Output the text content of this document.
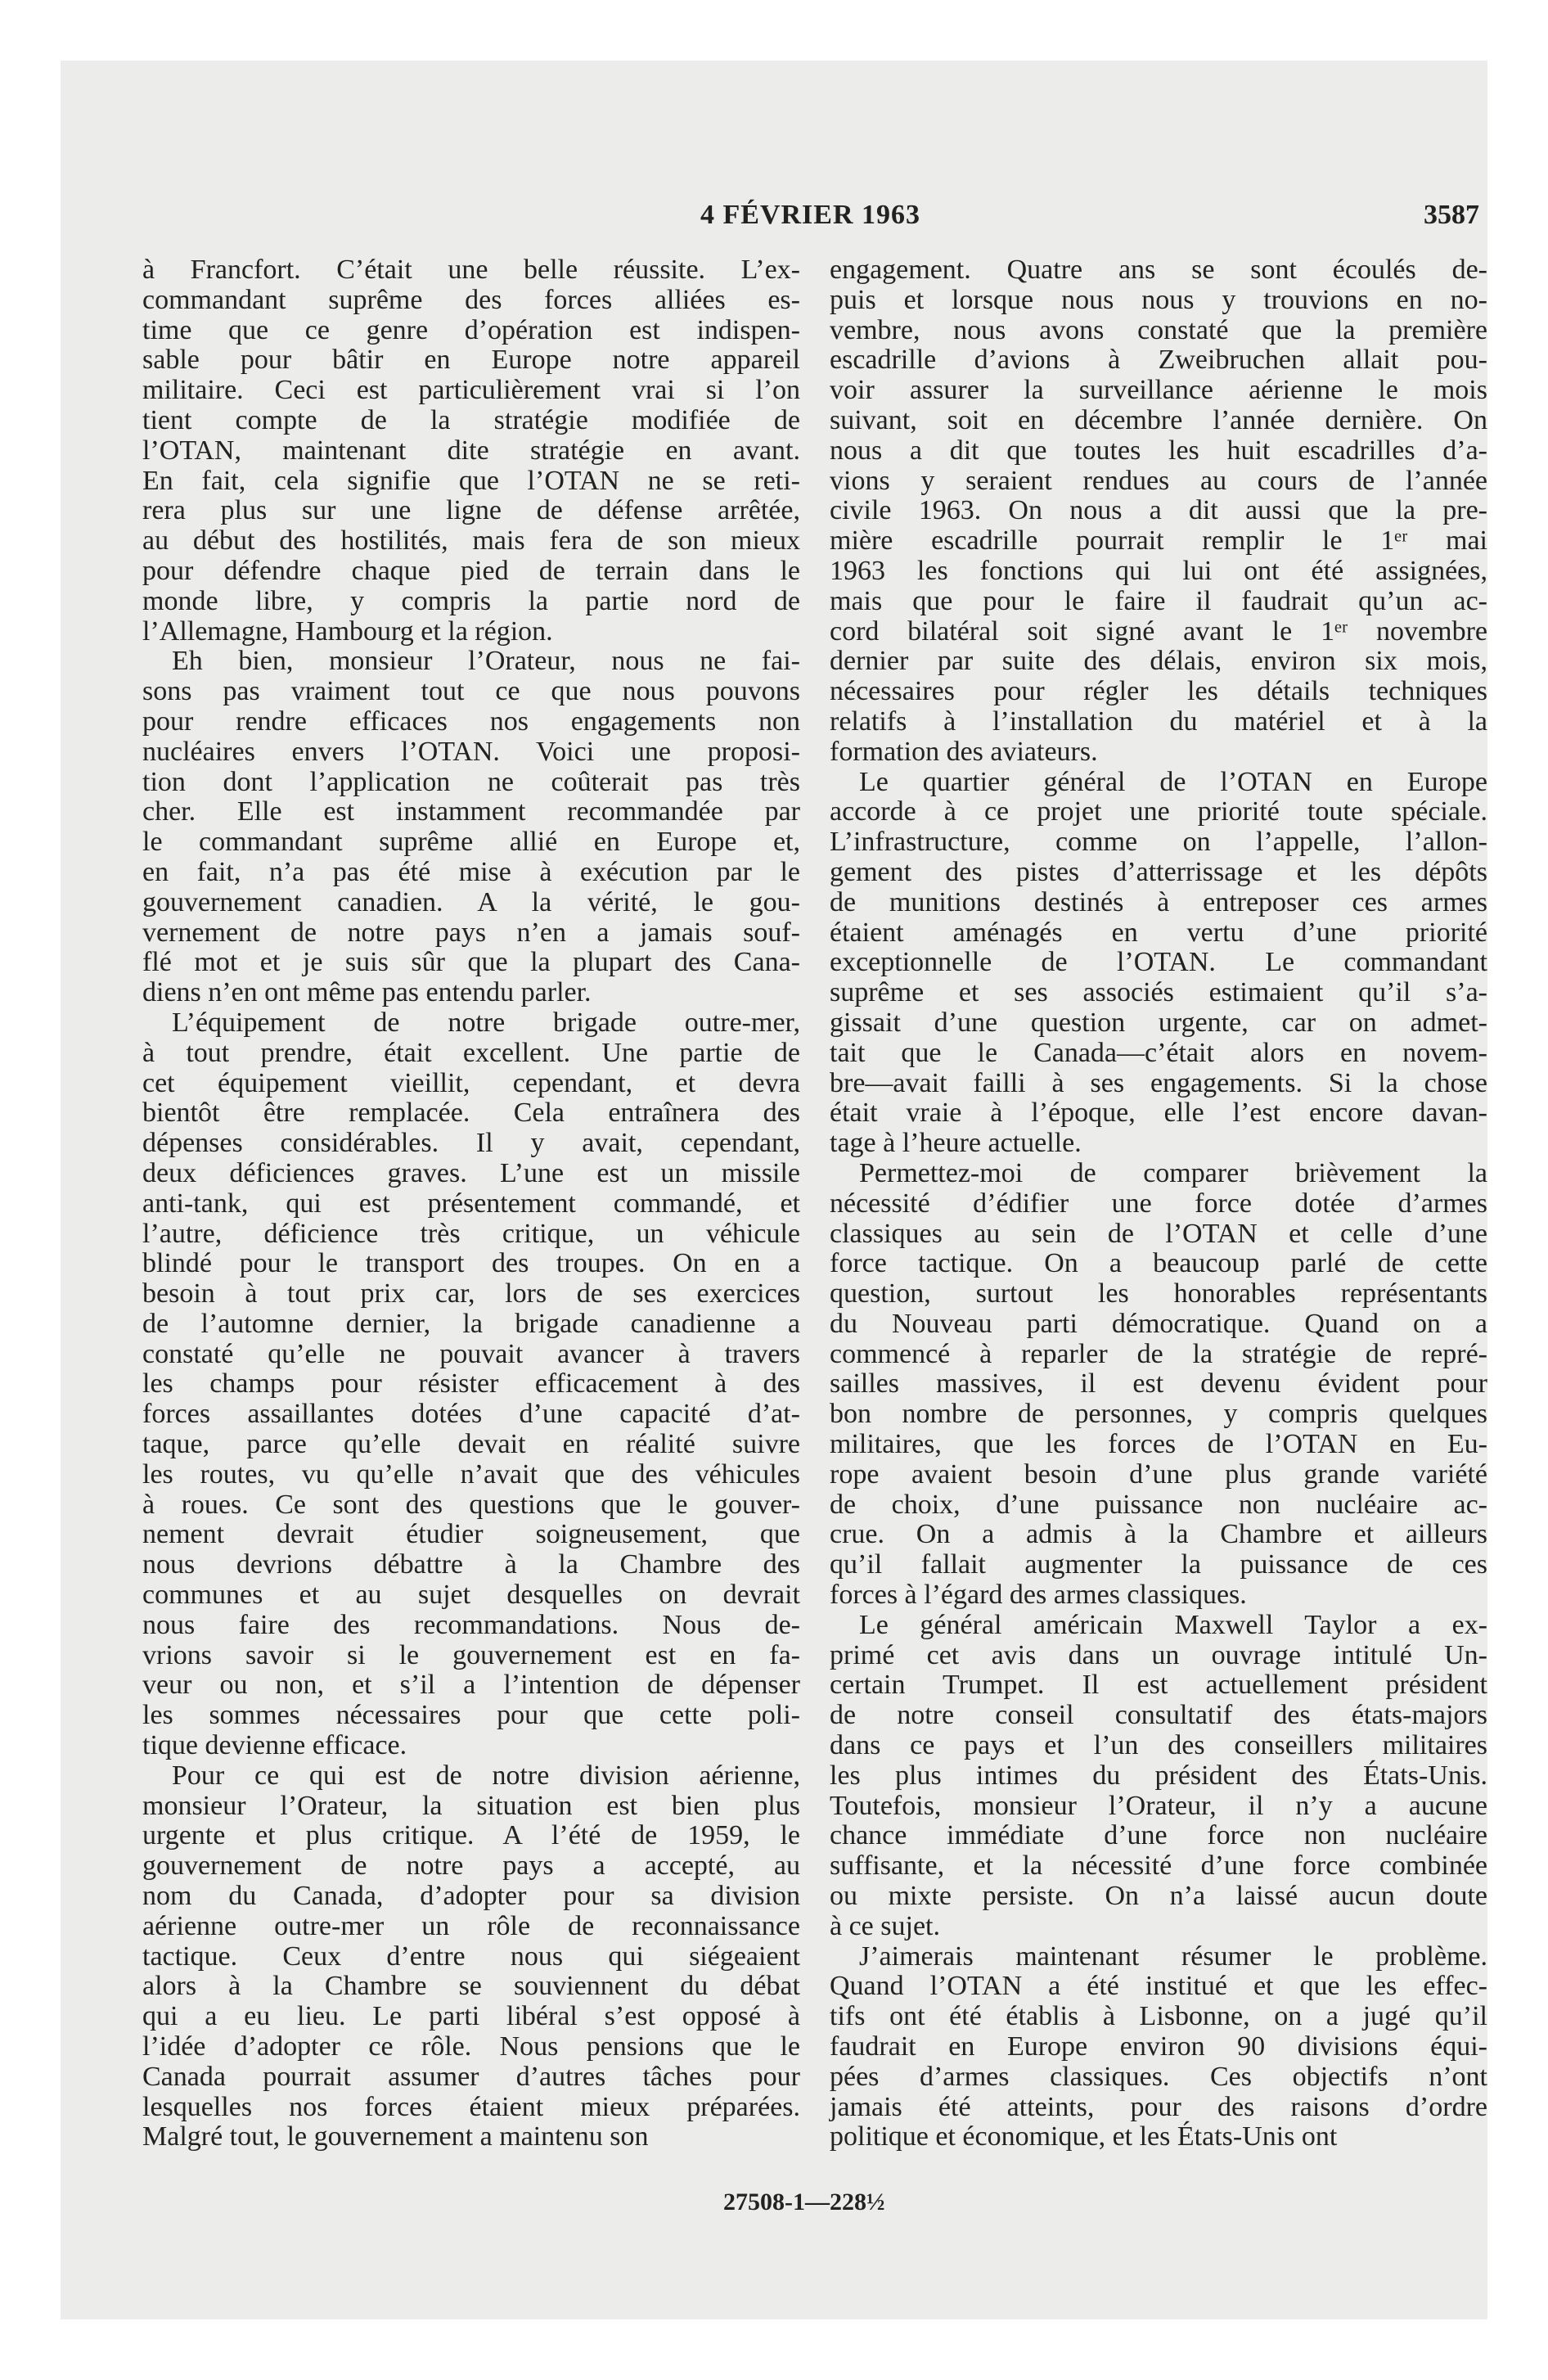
4 FÉVRIER 1963	3587

à Francfort. C’était une belle réussite. L’ex-
commandant suprême des forces alliées es-
time que ce genre d’opération est indispen-
sable pour bâtir en Europe notre appareil
militaire. Ceci est particulièrement vrai si l’on
tient compte de la stratégie modifiée de
l’OTAN, maintenant dite stratégie en avant.
En fait, cela signifie que l’OTAN ne se reti-
rera plus sur une ligne de défense arrêtée,
au début des hostilités, mais fera de son mieux
pour défendre chaque pied de terrain dans le
monde libre, y compris la partie nord de
l’Allemagne, Hambourg et la région.

Eh bien, monsieur l’Orateur, nous ne fai-
sons pas vraiment tout ce que nous pouvons
pour rendre efficaces nos engagements non
nucléaires envers l’OTAN. Voici une proposi-
tion dont l’application ne coûterait pas très
cher. Elle est instamment recommandée par
le commandant suprême allié en Europe et,
en fait, n’a pas été mise à exécution par le
gouvernement canadien. A la vérité, le gou-
vernement de notre pays n’en a jamais souf-
flé mot et je suis sûr que la plupart des Cana-
diens n’en ont même pas entendu parler.

L’équipement de notre brigade outre-mer,
à tout prendre, était excellent. Une partie de
cet équipement vieillit, cependant, et devra
bientôt être remplacée. Cela entraînera des
dépenses considérables. Il y avait, cependant,
deux déficiences graves. L’une est un missile
anti-tank, qui est présentement commandé, et
l’autre, déficience très critique, un véhicule
blindé pour le transport des troupes. On en a
besoin à tout prix car, lors de ses exercices
de l’automne dernier, la brigade canadienne a
constaté qu’elle ne pouvait avancer à travers
les champs pour résister efficacement à des
forces assaillantes dotées d’une capacité d’at-
taque, parce qu’elle devait en réalité suivre
les routes, vu qu’elle n’avait que des véhicules
à roues. Ce sont des questions que le gouver-
nement devrait étudier soigneusement, que
nous devrions débattre à la Chambre des
communes et au sujet desquelles on devrait
nous faire des recommandations. Nous de-
vrions savoir si le gouvernement est en fa-
veur ou non, et s’il a l’intention de dépenser
les sommes nécessaires pour que cette poli-
tique devienne efficace.

Pour ce qui est de notre division aérienne,
monsieur l’Orateur, la situation est bien plus
urgente et plus critique. A l’été de 1959, le
gouvernement de notre pays a accepté, au
nom du Canada, d’adopter pour sa division
aérienne outre-mer un rôle de reconnaissance
tactique. Ceux d’entre nous qui siégeaient
alors à la Chambre se souviennent du débat
qui a eu lieu. Le parti libéral s’est opposé à
l’idée d’adopter ce rôle. Nous pensions que le
Canada pourrait assumer d’autres tâches pour
lesquelles nos forces étaient mieux préparées.
Malgré tout, le gouvernement a maintenu son

engagement. Quatre ans se sont écoulés de-
puis et lorsque nous nous y trouvions en no-
vembre, nous avons constaté que la première
escadrille d’avions à Zweibruchen allait pou-
voir assurer la surveillance aérienne le mois
suivant, soit en décembre l’année dernière. On
nous a dit que toutes les huit escadrilles d’a-
vions y seraient rendues au cours de l’année
civile 1963. On nous a dit aussi que la pre-
mière escadrille pourrait remplir le 1ᵉʳ mai
1963 les fonctions qui lui ont été assignées,
mais que pour le faire il faudrait qu’un ac-
cord bilatéral soit signé avant le 1ᵉʳ novembre
dernier par suite des délais, environ six mois,
nécessaires pour régler les détails techniques
relatifs à l’installation du matériel et à la
formation des aviateurs.

Le quartier général de l’OTAN en Europe
accorde à ce projet une priorité toute spéciale.
L’infrastructure, comme on l’appelle, l’allon-
gement des pistes d’atterrissage et les dépôts
de munitions destinés à entreposer ces armes
étaient aménagés en vertu d’une priorité
exceptionnelle de l’OTAN. Le commandant
suprême et ses associés estimaient qu’il s’a-
gissait d’une question urgente, car on admet-
tait que le Canada—c’était alors en novem-
bre—avait failli à ses engagements. Si la chose
était vraie à l’époque, elle l’est encore davan-
tage à l’heure actuelle.

Permettez-moi de comparer brièvement la
nécessité d’édifier une force dotée d’armes
classiques au sein de l’OTAN et celle d’une
force tactique. On a beaucoup parlé de cette
question, surtout les honorables représentants
du Nouveau parti démocratique. Quand on a
commencé à reparler de la stratégie de repré-
sailles massives, il est devenu évident pour
bon nombre de personnes, y compris quelques
militaires, que les forces de l’OTAN en Eu-
rope avaient besoin d’une plus grande variété
de choix, d’une puissance non nucléaire ac-
crue. On a admis à la Chambre et ailleurs
qu’il fallait augmenter la puissance de ces
forces à l’égard des armes classiques.

Le général américain Maxwell Taylor a ex-
primé cet avis dans un ouvrage intitulé Un-
certain Trumpet. Il est actuellement président
de notre conseil consultatif des états-majors
dans ce pays et l’un des conseillers militaires
les plus intimes du président des États-Unis.
Toutefois, monsieur l’Orateur, il n’y a aucune
chance immédiate d’une force non nucléaire
suffisante, et la nécessité d’une force combinée
ou mixte persiste. On n’a laissé aucun doute
à ce sujet.

J’aimerais maintenant résumer le problème.
Quand l’OTAN a été institué et que les effec-
tifs ont été établis à Lisbonne, on a jugé qu’il
faudrait en Europe environ 90 divisions équi-
pées d’armes classiques. Ces objectifs n’ont
jamais été atteints, pour des raisons d’ordre
politique et économique, et les États-Unis ont

27508-1—228½
